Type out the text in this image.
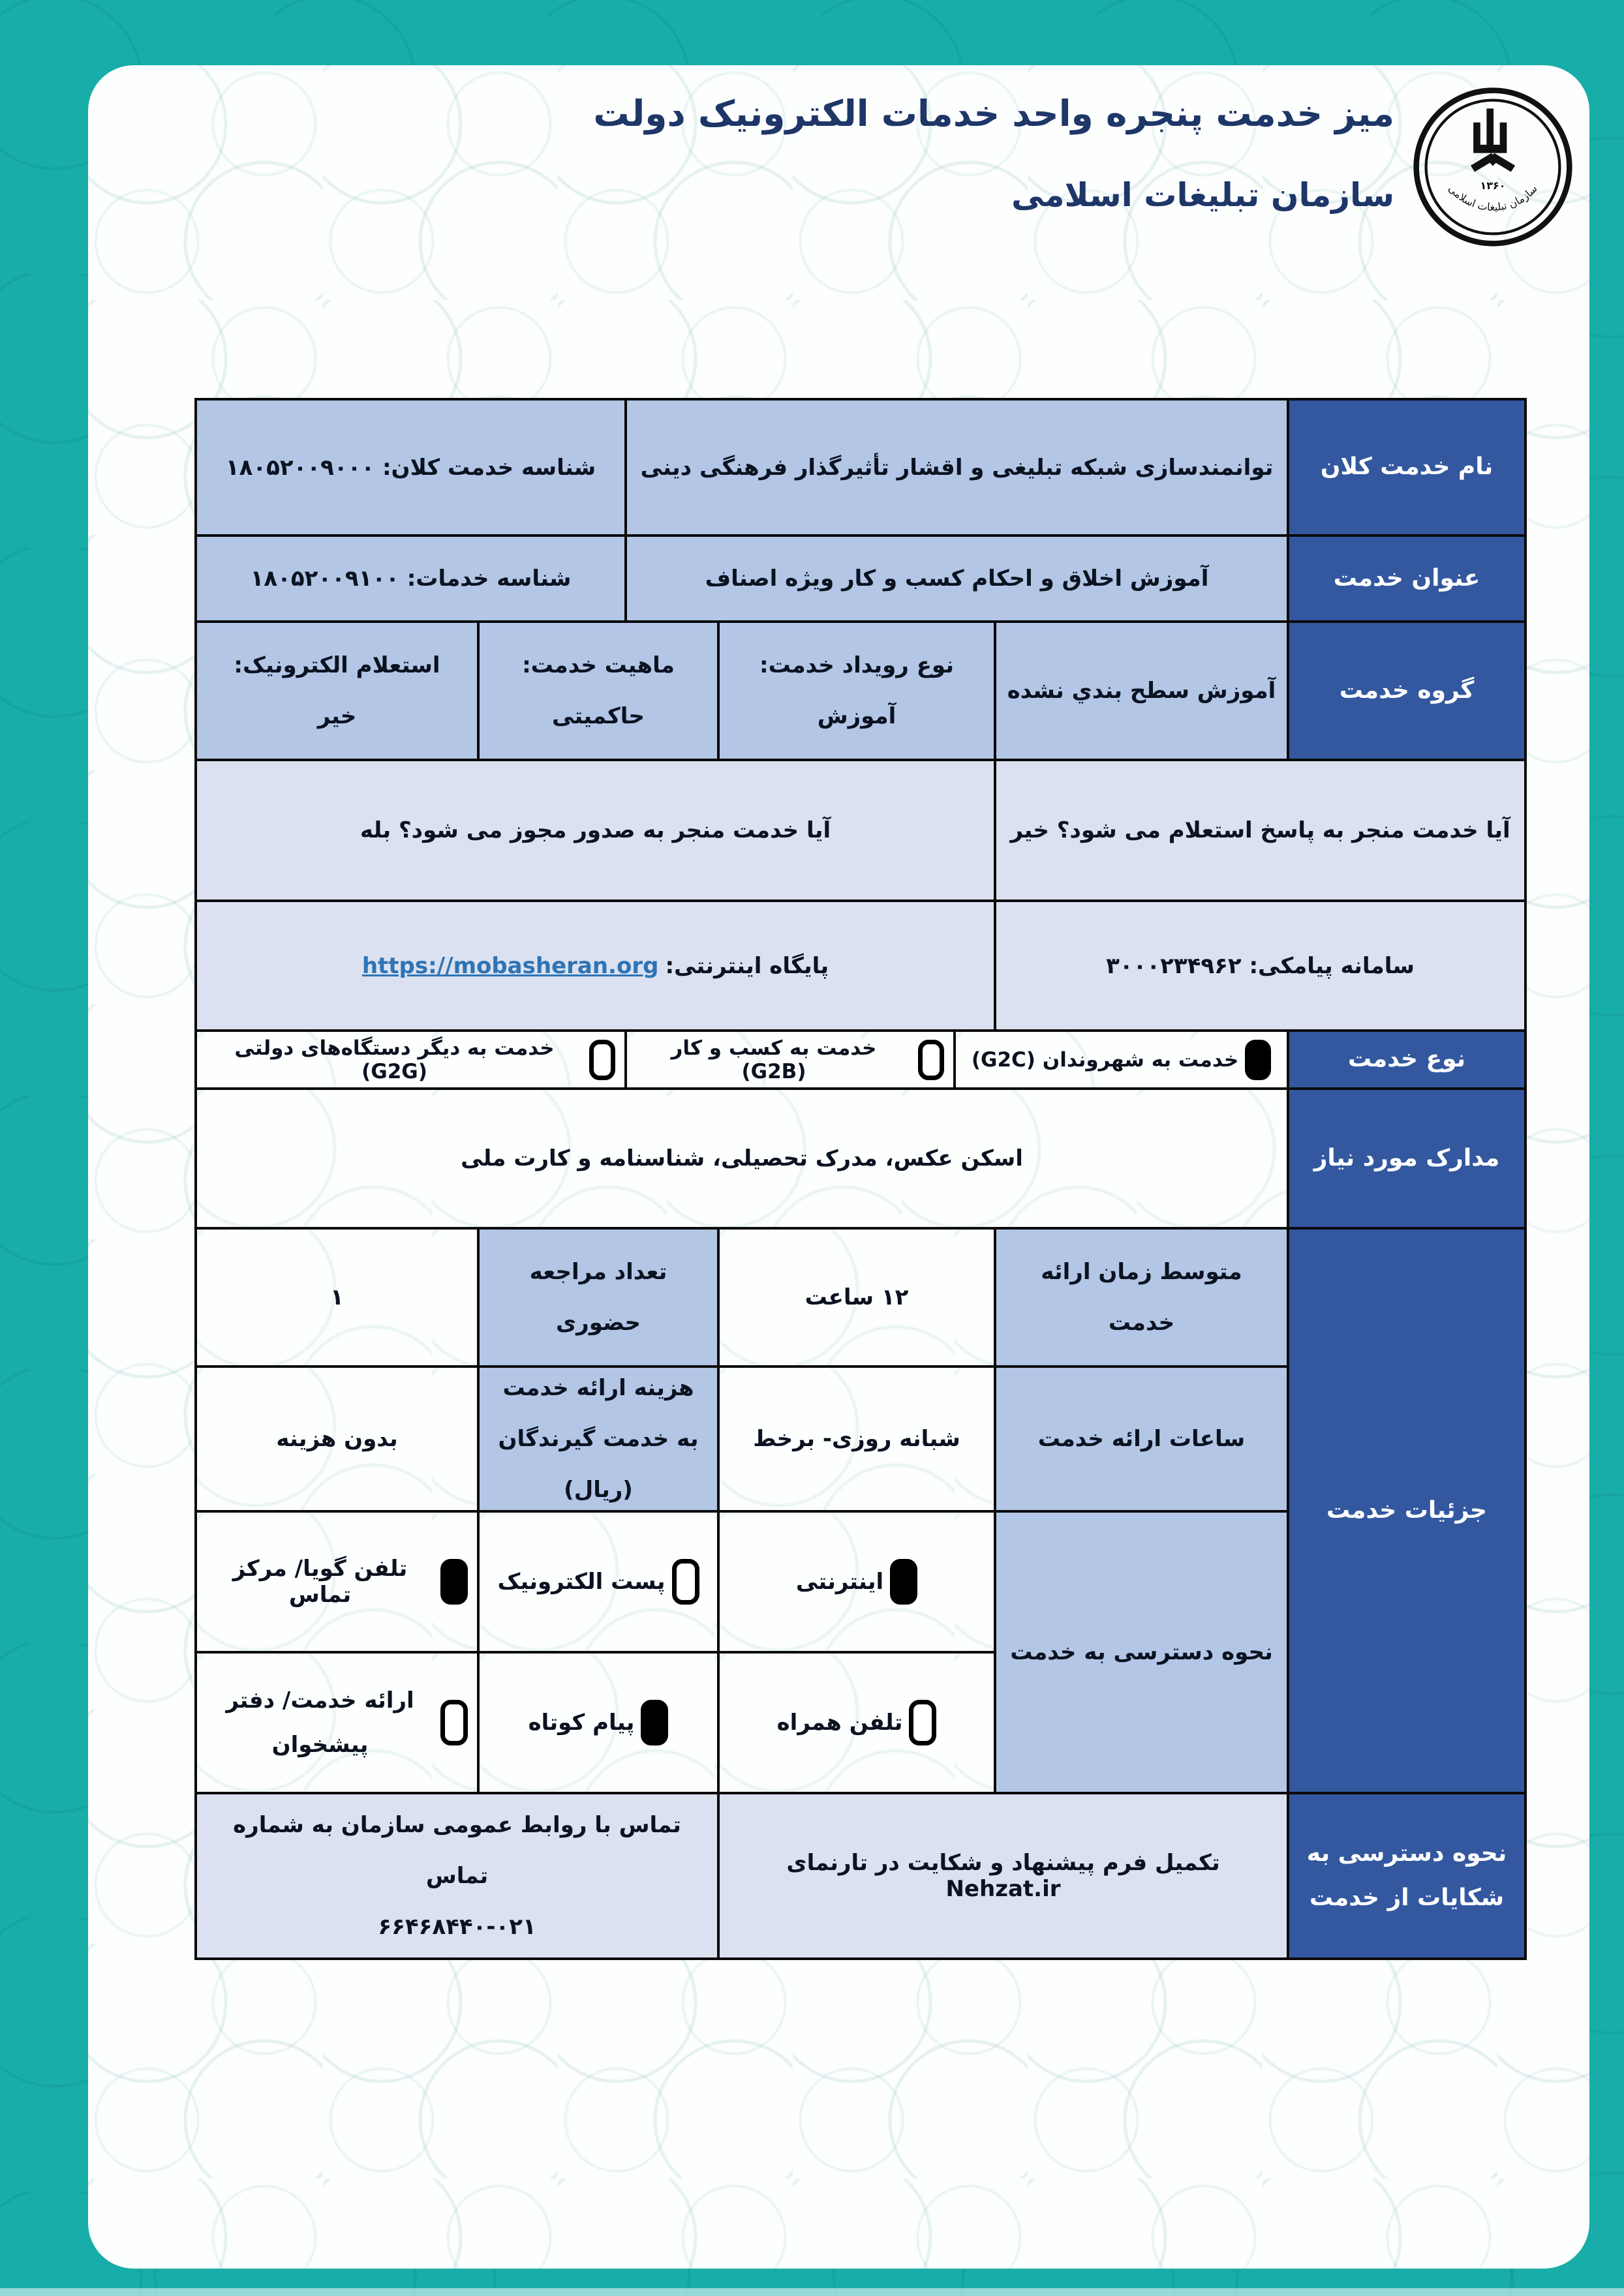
میز خدمت پنجره واحد خدمات الکترونیک دولت
سازمان تبلیغات اسلامی	۱۳۶۰
سازمان تبلیغات اسلامی
نام خدمت کلان
توانمندسازی شبکه تبلیغی و اقشار تأثیرگذار فرهنگی دینی
شناسه خدمت کلان: ۱۸۰۵۲۰۰۹۰۰۰
عنوان خدمت
آموزش اخلاق و احکام کسب و کار ویژه اصناف
شناسه خدمات: ۱۸۰۵۲۰۰۹۱۰۰
گروه خدمت
آموزش سطح بندي نشده
نوع رویداد خدمت:
آموزش
ماهیت خدمت:
حاکمیتی
استعلام الکترونیک:
خیر
آیا خدمت منجر به پاسخ استعلام می شود؟ خیر
آیا خدمت منجر به صدور مجوز می شود؟ بله
سامانه پیامکی: ۳۰۰۰۲۳۴۹۶۲
پایگاه اینترنتی:
https://mobasheran.org
نوع خدمت
خدمت به شهروندان (G2C)
خدمت به کسب و کار (G2B)
خدمت به دیگر دستگاه‌های دولتی (G2G)
مدارک مورد نیاز
اسکن عکس، مدرک تحصیلی، شناسنامه و کارت ملی
جزئیات خدمت
متوسط زمان ارائه خدمت
۱۲ ساعت
تعداد مراجعه حضوری
۱
ساعات ارائه خدمت
شبانه روزی- برخط
هزینه ارائه خدمت به خدمت گیرندگان (ریال)
بدون هزینه
نحوه دسترسی به خدمت
اینترنتی
پست الکترونیک
تلفن گویا/ مرکز تماس
تلفن همراه
پیام کوتاه
ارائه خدمت/ دفتر پیشخوان
نحوه دسترسی به شکایات از خدمت
تکمیل فرم پیشنهاد و شکایت در تارنمای Nehzat.ir
تماس با روابط عمومی سازمان به شماره تماس
۶۶۴۶۸۴۴۰-۰۲۱
